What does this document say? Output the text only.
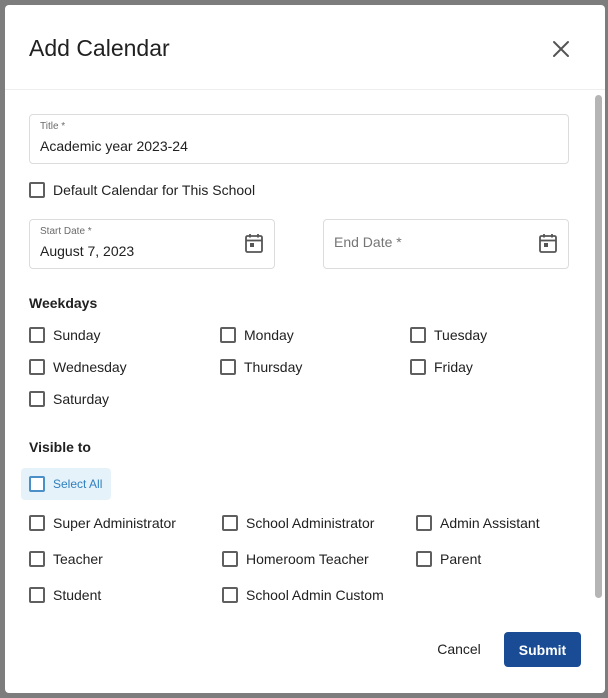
Add Calendar
Title *
Academic year 2023-24
Default Calendar for This School
Start Date *
August 7, 2023
End Date *
Weekdays
Sunday	Monday	Tuesday
Wednesday	Thursday	Friday
Saturday
Visible to
Select All
Super Administrator	School Administrator	Admin Assistant
Teacher	Homeroom Teacher	Parent
Student	School Admin Custom
Cancel	Submit
